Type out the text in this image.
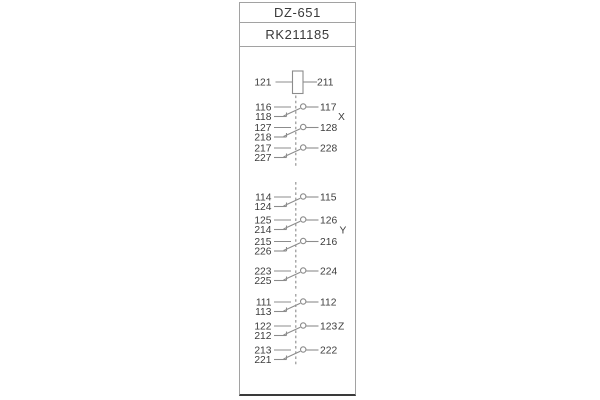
DZ-651
RK211185
121	211
X
116
118
117
127
218
128
217
227
228
Y
114
124
115
125
214
126
215
226
216
223
225
224
Z
111
113
112
122
212
123
213
221
222
